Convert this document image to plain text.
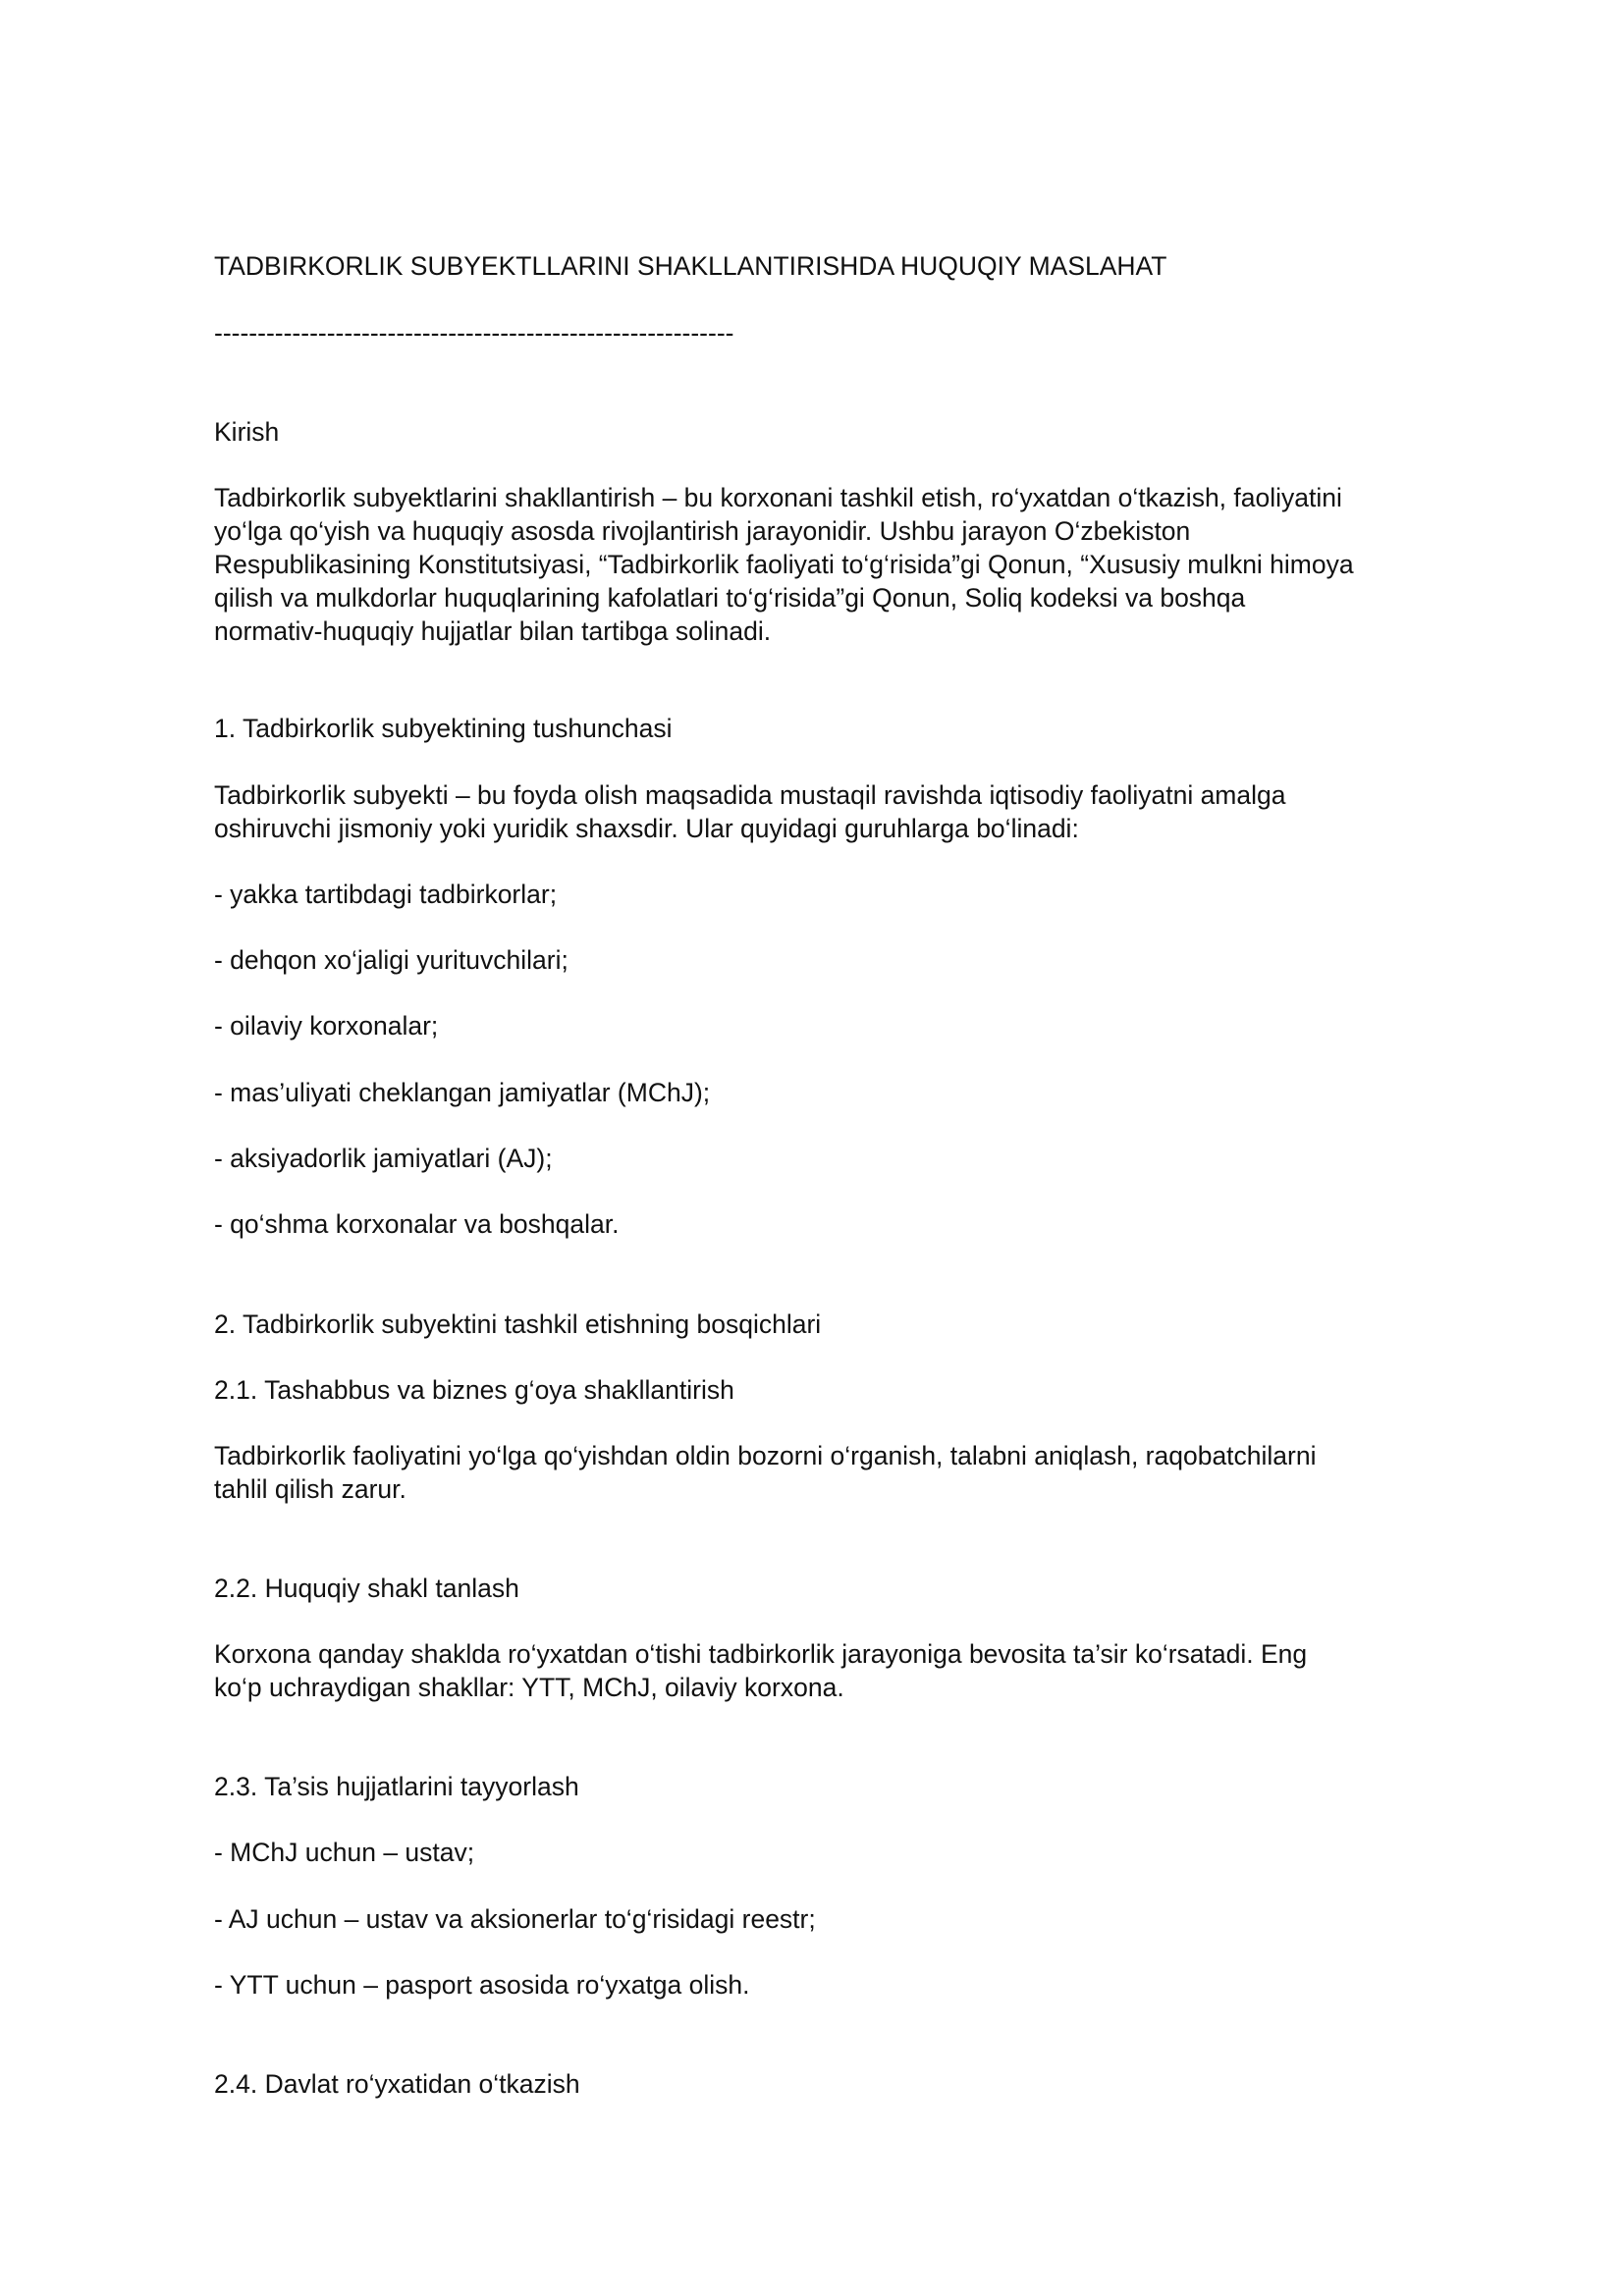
TADBIRKORLIK SUBYEKTLLARINI SHAKLLANTIRISHDA HUQUQIY MASLAHAT

------------------------------------------------------------

Kirish

Tadbirkorlik subyektlarini shakllantirish – bu korxonani tashkil etish, ro‘yxatdan o‘tkazish, faoliyatini
yo‘lga qo‘yish va huquqiy asosda rivojlantirish jarayonidir. Ushbu jarayon O‘zbekiston
Respublikasining Konstitutsiyasi, “Tadbirkorlik faoliyati to‘g‘risida”gi Qonun, “Xususiy mulkni himoya
qilish va mulkdorlar huquqlarining kafolatlari to‘g‘risida”gi Qonun, Soliq kodeksi va boshqa
normativ-huquqiy hujjatlar bilan tartibga solinadi.

1. Tadbirkorlik subyektining tushunchasi

Tadbirkorlik subyekti – bu foyda olish maqsadida mustaqil ravishda iqtisodiy faoliyatni amalga
oshiruvchi jismoniy yoki yuridik shaxsdir. Ular quyidagi guruhlarga bo‘linadi:

- yakka tartibdagi tadbirkorlar;

- dehqon xo‘jaligi yurituvchilari;

- oilaviy korxonalar;

- mas’uliyati cheklangan jamiyatlar (MChJ);

- aksiyadorlik jamiyatlari (AJ);

- qo‘shma korxonalar va boshqalar.

2. Tadbirkorlik subyektini tashkil etishning bosqichlari

2.1. Tashabbus va biznes g‘oya shakllantirish

Tadbirkorlik faoliyatini yo‘lga qo‘yishdan oldin bozorni o‘rganish, talabni aniqlash, raqobatchilarni
tahlil qilish zarur.

2.2. Huquqiy shakl tanlash

Korxona qanday shaklda ro‘yxatdan o‘tishi tadbirkorlik jarayoniga bevosita ta’sir ko‘rsatadi. Eng
ko‘p uchraydigan shakllar: YTT, MChJ, oilaviy korxona.

2.3. Ta’sis hujjatlarini tayyorlash

- MChJ uchun – ustav;

- AJ uchun – ustav va aksionerlar to‘g‘risidagi reestr;

- YTT uchun – pasport asosida ro‘yxatga olish.

2.4. Davlat ro‘yxatidan o‘tkazish
